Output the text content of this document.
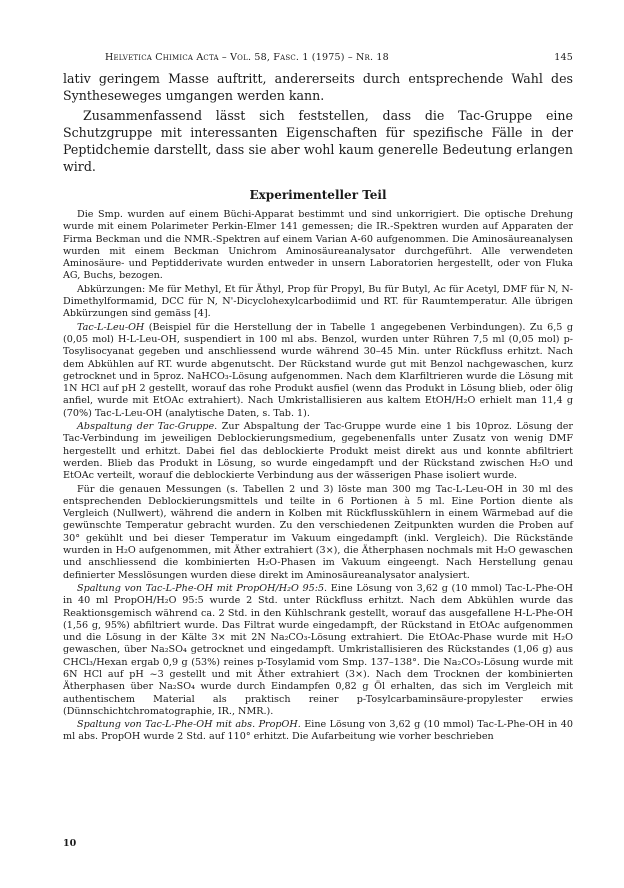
Helvetica Chimica Acta – Vol. 58, Fasc. 1 (1975) – Nr. 18	145

lativ geringem Masse auftritt, andererseits durch entsprechende Wahl des Syntheseweges umgangen werden kann.

Zusammenfassend lässt sich feststellen, dass die Tac-Gruppe eine Schutzgruppe mit interessanten Eigenschaften für spezifische Fälle in der Peptidchemie darstellt, dass sie aber wohl kaum generelle Bedeutung erlangen wird.

Experimenteller Teil

Die Smp. wurden auf einem Büchi-Apparat bestimmt und sind unkorrigiert. Die optische Drehung wurde mit einem Polarimeter Perkin-Elmer 141 gemessen; die IR.-Spektren wurden auf Apparaten der Firma Beckman und die NMR.-Spektren auf einem Varian A-60 aufgenommen. Die Aminosäureanalysen wurden mit einem Beckman Unichrom Aminosäureanalysator durchgeführt. Alle verwendeten Aminosäure- und Peptidderivate wurden entweder in unsern Laboratorien hergestellt, oder von Fluka AG, Buchs, bezogen.

Abkürzungen: Me für Methyl, Et für Äthyl, Prop für Propyl, Bu für Butyl, Ac für Acetyl, DMF für N, N-Dimethylformamid, DCC für N, N'-Dicyclohexylcarbodiimid und RT. für Raumtemperatur. Alle übrigen Abkürzungen sind gemäss [4].

Tac-L-Leu-OH (Beispiel für die Herstellung der in Tabelle 1 angegebenen Verbindungen). Zu 6,5 g (0,05 mol) H-L-Leu-OH, suspendiert in 100 ml abs. Benzol, wurden unter Rühren 7,5 ml (0,05 mol) p-Tosylisocyanat gegeben und anschliessend wurde während 30–45 Min. unter Rückfluss erhitzt. Nach dem Abkühlen auf RT. wurde abgenutscht. Der Rückstand wurde gut mit Benzol nachgewaschen, kurz getrocknet und in 5proz. NaHCO₃-Lösung aufgenommen. Nach dem Klarfiltrieren wurde die Lösung mit 1N HCl auf pH 2 gestellt, worauf das rohe Produkt ausfiel (wenn das Produkt in Lösung blieb, oder ölig anfiel, wurde mit EtOAc extrahiert). Nach Umkristallisieren aus kaltem EtOH/H₂O erhielt man 11,4 g (70%) Tac-L-Leu-OH (analytische Daten, s. Tab. 1).

Abspaltung der Tac-Gruppe. Zur Abspaltung der Tac-Gruppe wurde eine 1 bis 10proz. Lösung der Tac-Verbindung im jeweiligen Deblockierungsmedium, gegebenenfalls unter Zusatz von wenig DMF hergestellt und erhitzt. Dabei fiel das deblockierte Produkt meist direkt aus und konnte abfiltriert werden. Blieb das Produkt in Lösung, so wurde eingedampft und der Rückstand zwischen H₂O und EtOAc verteilt, worauf die deblockierte Verbindung aus der wässerigen Phase isoliert wurde.

Für die genauen Messungen (s. Tabellen 2 und 3) löste man 300 mg Tac-L-Leu-OH in 30 ml des entsprechenden Deblockierungsmittels und teilte in 6 Portionen à 5 ml. Eine Portion diente als Vergleich (Nullwert), während die andern in Kolben mit Rückflusskühlern in einem Wärmebad auf die gewünschte Temperatur gebracht wurden. Zu den verschiedenen Zeitpunkten wurden die Proben auf 30° gekühlt und bei dieser Temperatur im Vakuum eingedampft (inkl. Vergleich). Die Rückstände wurden in H₂O aufgenommen, mit Äther extrahiert (3×), die Ätherphasen nochmals mit H₂O gewaschen und anschliessend die kombinierten H₂O-Phasen im Vakuum eingeengt. Nach Herstellung genau definierter Messlösungen wurden diese direkt im Aminosäureanalysator analysiert.

Spaltung von Tac-L-Phe-OH mit PropOH/H₂O 95:5. Eine Lösung von 3,62 g (10 mmol) Tac-L-Phe-OH in 40 ml PropOH/H₂O 95:5 wurde 2 Std. unter Rückfluss erhitzt. Nach dem Abkühlen wurde das Reaktionsgemisch während ca. 2 Std. in den Kühlschrank gestellt, worauf das ausgefallene H-L-Phe-OH (1,56 g, 95%) abfiltriert wurde. Das Filtrat wurde eingedampft, der Rückstand in EtOAc aufgenommen und die Lösung in der Kälte 3× mit 2N Na₂CO₃-Lösung extrahiert. Die EtOAc-Phase wurde mit H₂O gewaschen, über Na₂SO₄ getrocknet und eingedampft. Umkristallisieren des Rückstandes (1,06 g) aus CHCl₃/Hexan ergab 0,9 g (53%) reines p-Tosylamid vom Smp. 137–138°. Die Na₂CO₃-Lösung wurde mit 6N HCl auf pH ~3 gestellt und mit Äther extrahiert (3×). Nach dem Trocknen der kombinierten Ätherphasen über Na₂SO₄ wurde durch Eindampfen 0,82 g Öl erhalten, das sich im Vergleich mit authentischem Material als praktisch reiner p-Tosylcarbaminsäure-propylester erwies (Dünnschichtchromatographie, IR., NMR.).

Spaltung von Tac-L-Phe-OH mit abs. PropOH. Eine Lösung von 3,62 g (10 mmol) Tac-L-Phe-OH in 40 ml abs. PropOH wurde 2 Std. auf 110° erhitzt. Die Aufarbeitung wie vorher beschrieben

10
